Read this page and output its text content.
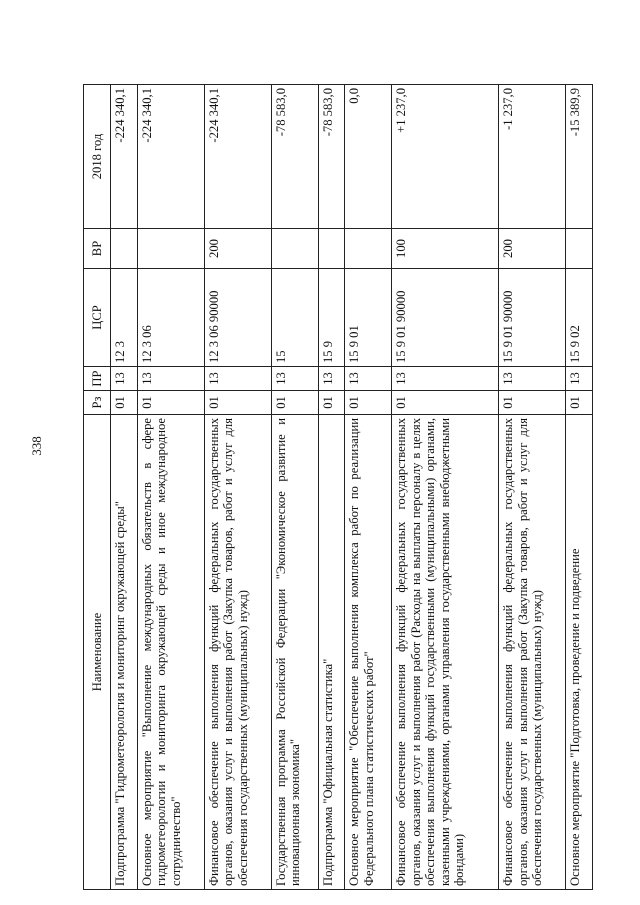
338
Наименование	Рз	ПР	ЦСР	ВР	2018 год
Подпрограмма "Гидрометеорология и мониторинг окружающей среды"	01	13	12 3		-224 340,1
Основное мероприятие "Выполнение международных обязательств в сфере гидрометеорологии и мониторинга окружающей среды и иное международное сотрудничество"	01	13	12 3 06		-224 340,1
Финансовое обеспечение выполнения функций федеральных государственных органов, оказания услуг и выполнения работ (Закупка товаров, работ и услуг для обеспечения государственных (муниципальных) нужд)	01	13	12 3 06 90000	200	-224 340,1
Государственная программа Российской Федерации "Экономическое развитие и инновационная экономика"	01	13	15		-78 583,0
Подпрограмма "Официальная статистика"	01	13	15 9		-78 583,0
Основное мероприятие "Обеспечение выполнения комплекса работ по реализации Федерального плана статистических работ"	01	13	15 9 01		0,0
Финансовое обеспечение выполнения функций федеральных государственных органов, оказания услуг и выполнения работ (Расходы на выплаты персоналу в целях обеспечения выполнения функций государственными (муниципальными) органами, казенными учреждениями, органами управления государственными внебюджетными фондами)	01	13	15 9 01 90000	100	+1 237,0
Финансовое обеспечение выполнения функций федеральных государственных органов, оказания услуг и выполнения работ (Закупка товаров, работ и услуг для обеспечения государственных (муниципальных) нужд)	01	13	15 9 01 90000	200	-1 237,0
Основное мероприятие "Подготовка, проведение и подведение	01	13	15 9 02		-15 389,9
